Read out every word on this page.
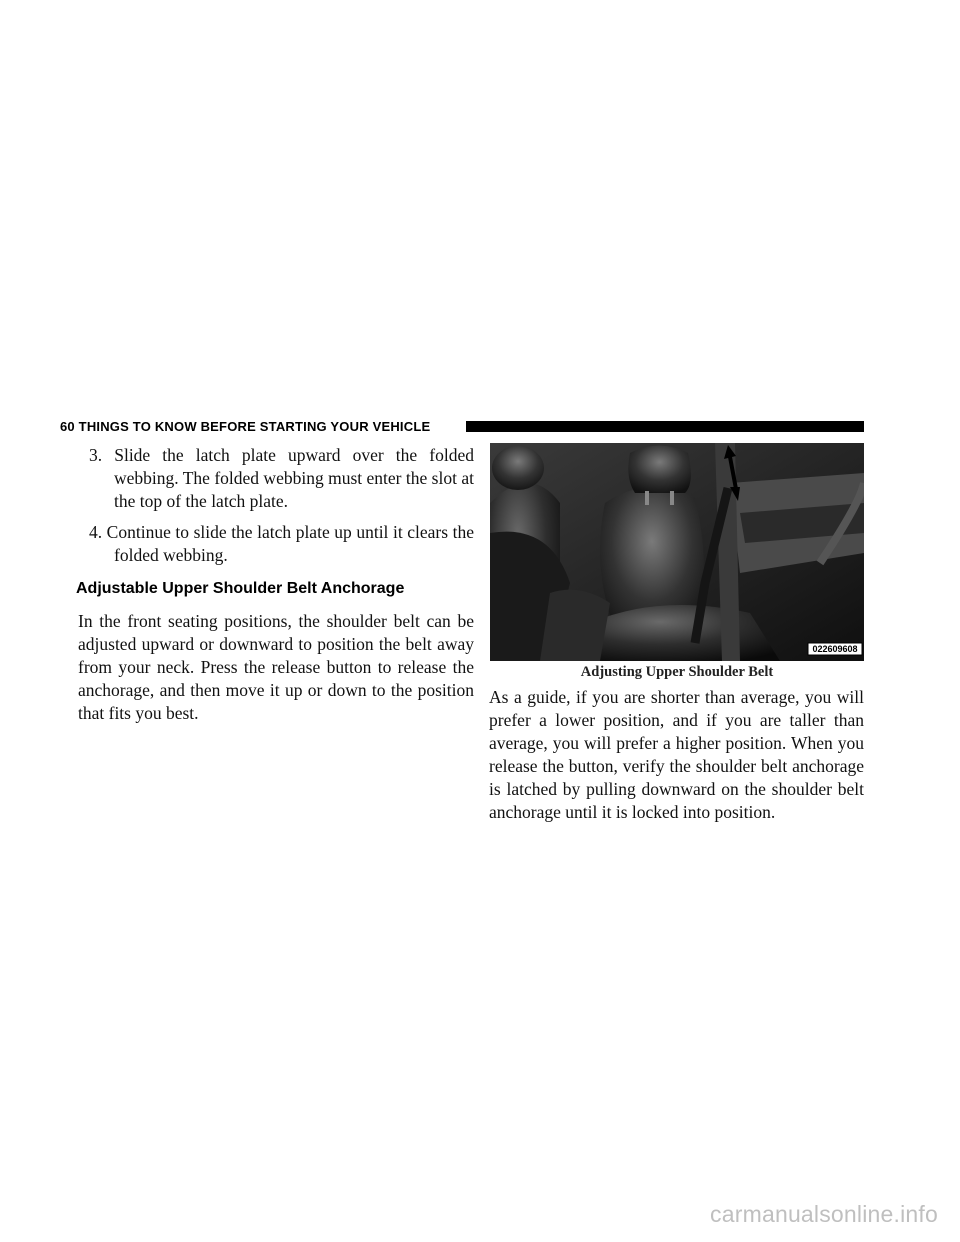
60 THINGS TO KNOW BEFORE STARTING YOUR VEHICLE

3. Slide the latch plate upward over the folded webbing. The folded webbing must enter the slot at the top of the latch plate.

4. Continue to slide the latch plate up until it clears the folded webbing.

Adjustable Upper Shoulder Belt Anchorage

In the front seating positions, the shoulder belt can be adjusted upward or downward to position the belt away from your neck. Press the release button to release the anchorage, and then move it up or down to the position that fits you best.

022609608
Adjusting Upper Shoulder Belt
As a guide, if you are shorter than average, you will prefer a lower position, and if you are taller than average, you will prefer a higher position. When you release the button, verify the shoulder belt anchorage is latched by pulling downward on the shoulder belt anchorage until it is locked into position.
carmanualsonline.info
